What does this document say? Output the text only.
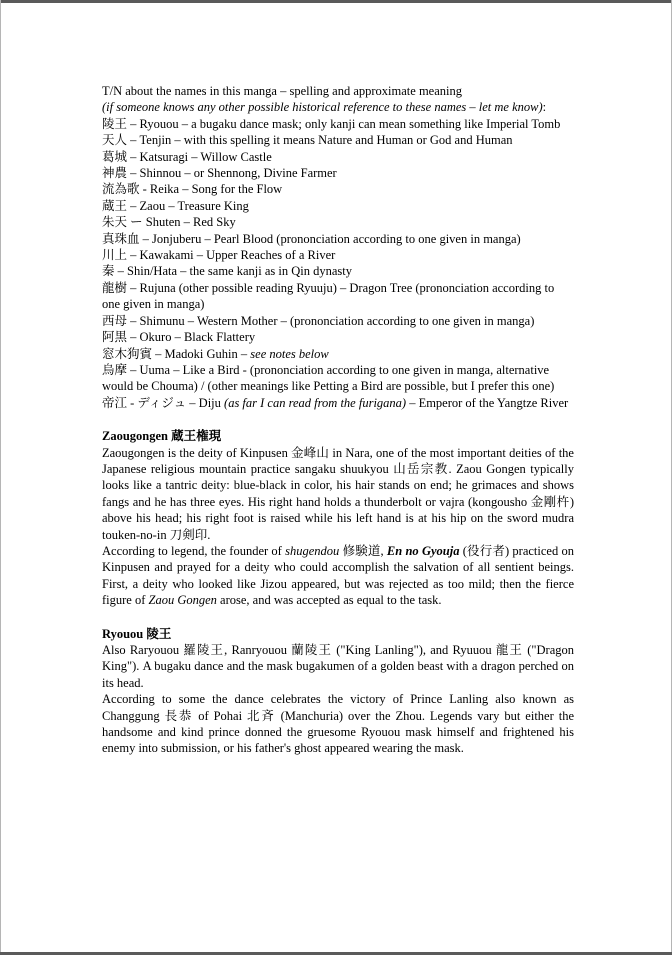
T/N about the names in this manga – spelling and approximate meaning

(if someone knows any other possible historical reference to these names – let me know):

陵王 – Ryouou – a bugaku dance mask; only kanji can mean something like Imperial Tomb

天人 – Tenjin – with this spelling it means Nature and Human or God and Human

葛城 – Katsuragi – Willow Castle

神農 – Shinnou – or Shennong, Divine Farmer

流為歌 - Reika – Song for the Flow

蔵王 – Zaou – Treasure King

朱天 ー Shuten – Red Sky

真珠血 – Jonjuberu – Pearl Blood (prononciation according to one given in manga)

川上 – Kawakami – Upper Reaches of a River

秦 – Shin/Hata – the same kanji as in Qin dynasty

龍樹 – Rujuna (other possible reading Ryuuju) – Dragon Tree (prononciation according to one given in manga)

西母 – Shimunu – Western Mother – (prononciation according to one given in manga)

阿黒 – Okuro – Black Flattery

窓木狗賓 – Madoki Guhin – see notes below

烏摩 – Uuma – Like a Bird - (prononciation according to one given in manga, alternative would be Chouma) / (other meanings like Petting a Bird are possible, but I prefer this one)

帝江 - ディジュ – Diju (as far I can read from the furigana) – Emperor of the Yangtze River

Zaougongen 蔵王権現

Zaougongen is the deity of Kinpusen 金峰山 in Nara, one of the most important deities of the Japanese religious mountain practice sangaku shuukyou 山岳宗教. Zaou Gongen typically looks like a tantric deity: blue-black in color, his hair stands on end; he grimaces and shows fangs and he has three eyes. His right hand holds a thunderbolt or vajra (kongousho 金剛杵) above his head; his right foot is raised while his left hand is at his hip on the sword mudra touken-no-in 刀剣印.

According to legend, the founder of shugendou 修験道, En no Gyouja (役行者) practiced on Kinpusen and prayed for a deity who could accomplish the salvation of all sentient beings. First, a deity who looked like Jizou appeared, but was rejected as too mild; then the fierce figure of Zaou Gongen arose, and was accepted as equal to the task.

Ryouou 陵王

Also Raryouou 羅陵王, Ranryouou 蘭陵王 ("King Lanling"), and Ryuuou 龍王 ("Dragon King"). A bugaku dance and the mask bugakumen of a golden beast with a dragon perched on its head.

According to some the dance celebrates the victory of Prince Lanling also known as Changgung 長恭 of Pohai 北斉 (Manchuria) over the Zhou. Legends vary but either the handsome and kind prince donned the gruesome Ryouou mask himself and frightened his enemy into submission, or his father's ghost appeared wearing the mask.
